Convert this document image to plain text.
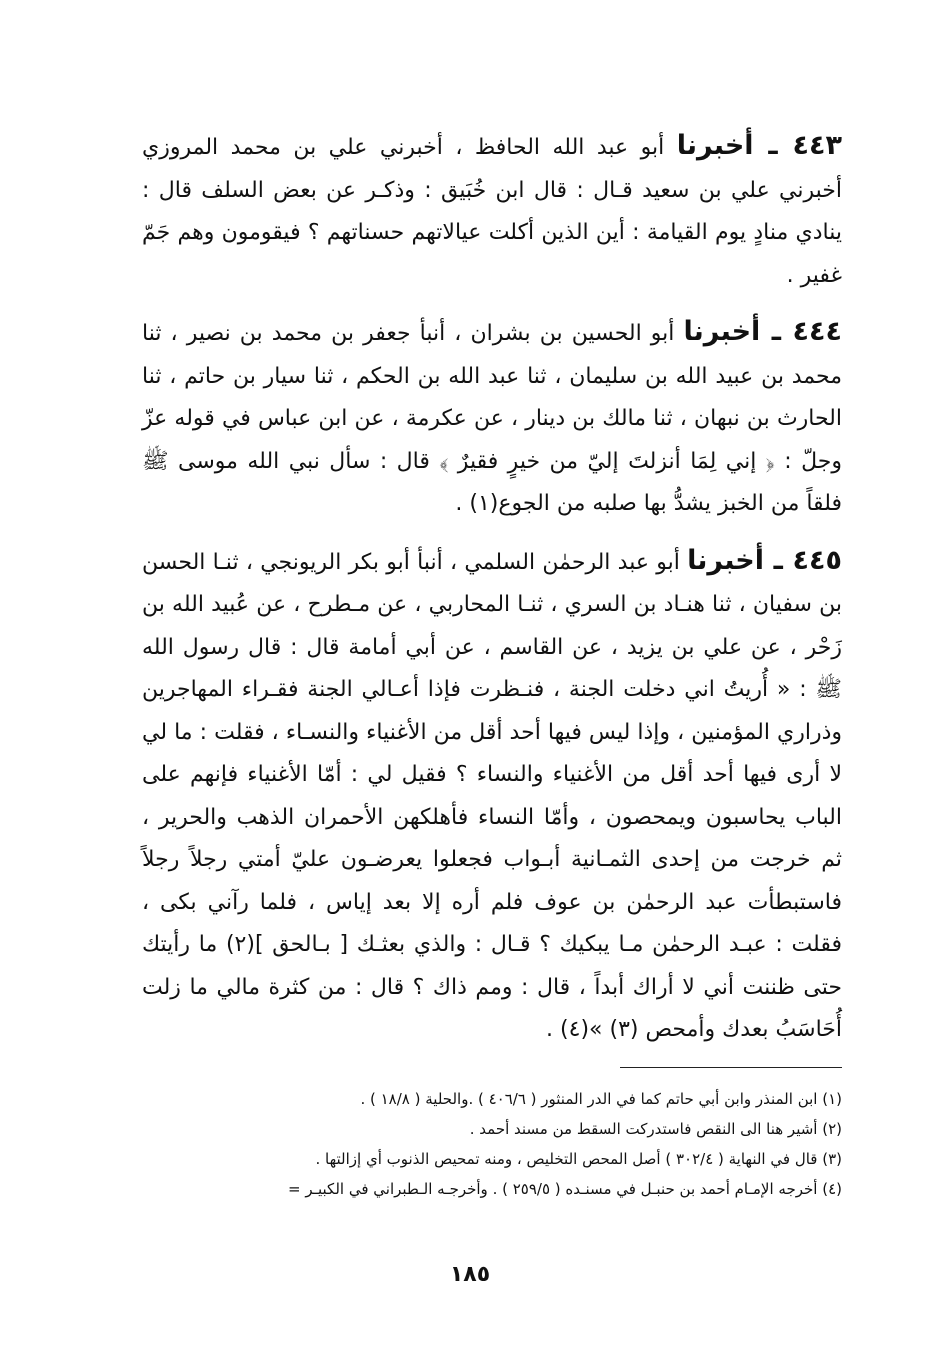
٤٤٣ ـ أخبرنا أبو عبد الله الحافظ ، أخبرني علي بن محمد المروزي أخبرني علي بن سعيد قـال : قال ابن خُبَيق : وذكـر عن بعض السلف قال : ينادي منادٍ يوم القيامة : أين الذين أكلت عيالاتهم حسناتهم ؟ فيقومون وهم جَمّ غفير .

٤٤٤ ـ أخبرنا أبو الحسين بن بشران ، أنبأ جعفر بن محمد بن نصير ، ثنا محمد بن عبيد الله بن سليمان ، ثنا عبد الله بن الحكم ، ثنا سيار بن حاتم ، ثنا الحارث بن نبهان ، ثنا مالك بن دينار ، عن عكرمة ، عن ابن عباس في قوله عزّ وجلّ : ﴿ إني لِمَا أنزلتَ إليّ من خيرٍ فقيرٌ ﴾ قال : سأل نبي الله موسى ﷺ فلقاً من الخبز يشدُّ بها صلبه من الجوع(١) .

٤٤٥ ـ أخبرنا أبو عبد الرحمٰن السلمي ، أنبأ أبو بكر الريونجي ، ثنـا الحسن بن سفيان ، ثنا هنـاد بن السري ، ثنـا المحاربي ، عن مـطرح ، عن عُبيد الله بن زَحْر ، عن علي بن يزيد ، عن القاسم ، عن أبي أمامة قال : قال رسول الله ﷺ : « أُريتُ اني دخلت الجنة ، فنـظرت فإذا أعـالي الجنة فقـراء المهاجرين وذراري المؤمنين ، وإذا ليس فيها أحد أقل من الأغنياء والنسـاء ، فقلت : ما لي لا أرى فيها أحد أقل من الأغنياء والنساء ؟ فقيل لي : أمّا الأغنياء فإنهم على الباب يحاسبون ويمحصون ، وأمّا النساء فأهلكهن الأحمران الذهب والحرير ، ثم خرجت من إحدى الثمـانية أبـواب فجعلوا يعرضـون عليّ أمتي رجلاً رجلاً فاستبطأت عبد الرحمٰن بن عوف فلم أره إلا بعد إياس ، فلما رآني بكى ، فقلت : عبـد الرحمٰن مـا يبكيك ؟ قـال : والذي بعثـك [ بـالحق ](٢) ما رأيتك حتى ظننت أني لا أراك أبداً ، قال : ومم ذاك ؟ قال : من كثرة مالي ما زلت أُحَاسَبُ بعدك وأمحص (٣) »(٤) .

(١) ابن المنذر وابن أبي حاتم كما في الدر المنثور ( ٤٠٦/٦ ) .والحلية ( ١٨/٨ ) .
(٢) أشير هنا الى النقص فاستدركت السقط من مسند أحمد .
(٣) قال في النهاية ( ٣٠٢/٤ ) أصل المحص التخليص ، ومنه تمحيص الذنوب أي إزالتها .
(٤) أخرجه الإمـام أحمد بن حنبـل في مسنـده ( ٢٥٩/٥ ) . وأخرجـه الـطبراني في الكبيـر =
١٨٥
